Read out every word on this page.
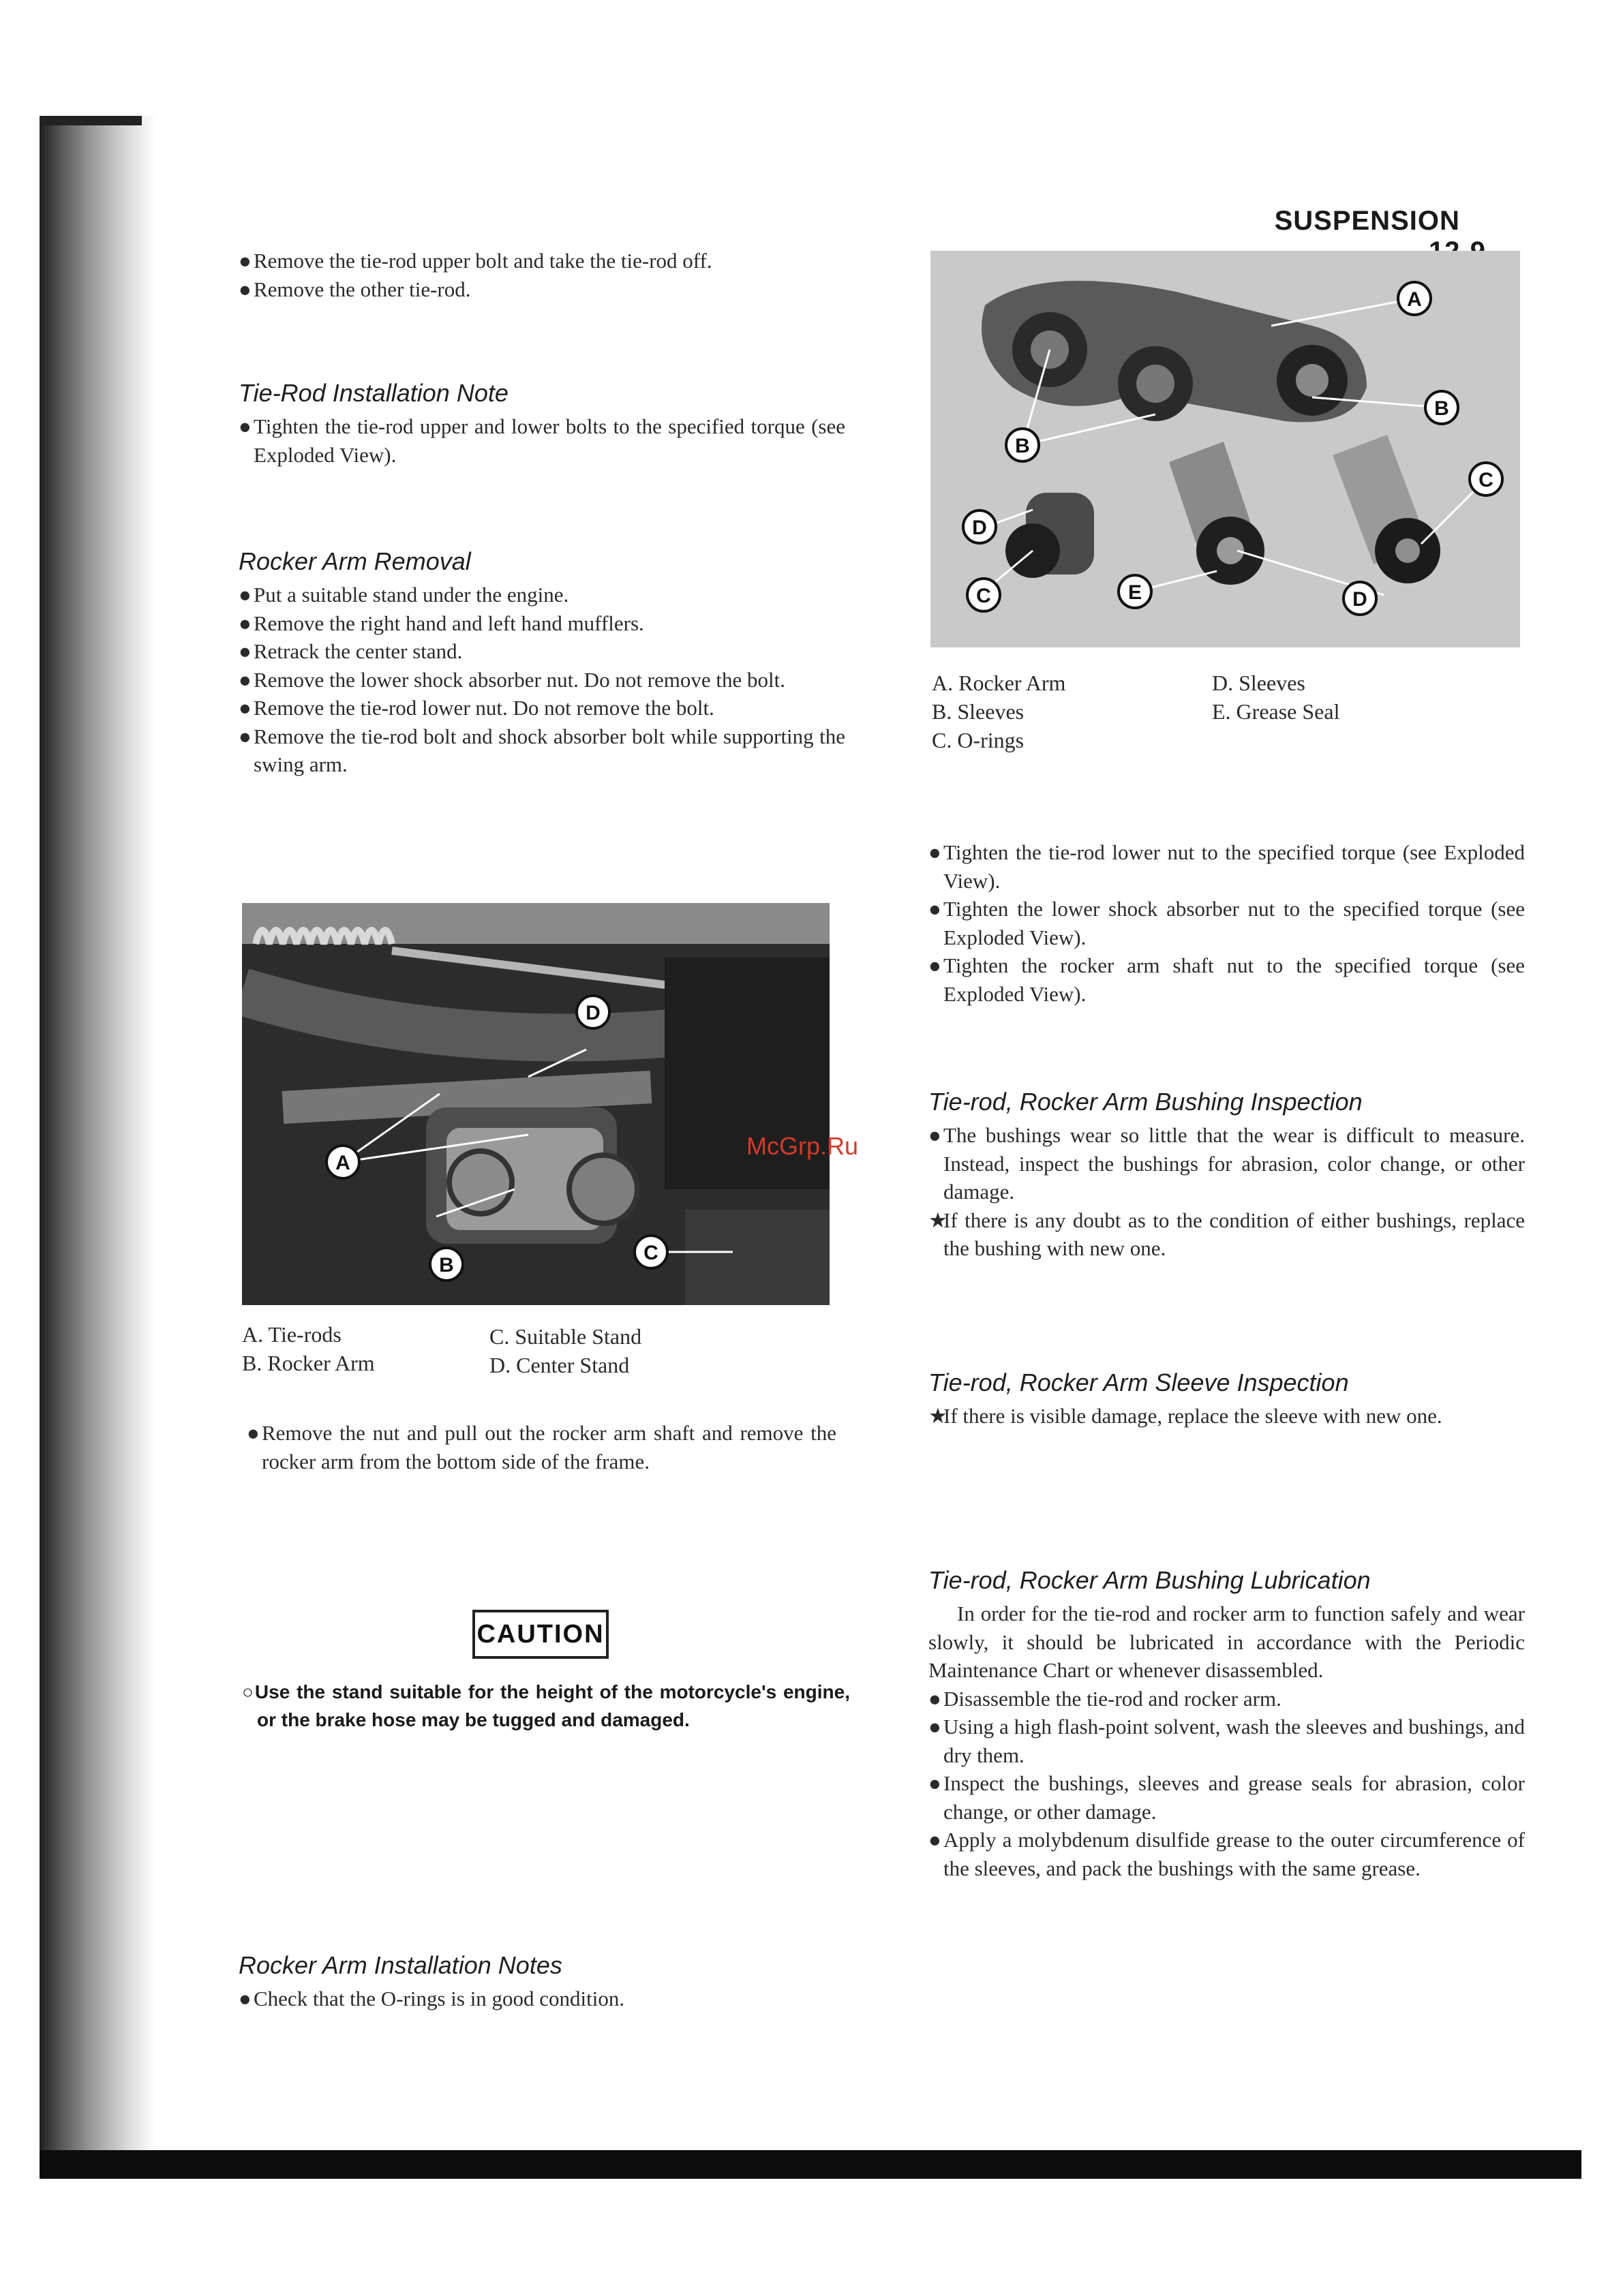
SUSPENSION
● Remove the tie-rod upper bolt and take the tie-rod off.
● Remove the other tie-rod.
Tie-Rod Installation Note
● Tighten the tie-rod upper and lower bolts to the specified torque (see Exploded View).
Rocker Arm Removal
● Put a suitable stand under the engine.
● Remove the right hand and left hand mufflers.
● Retrack the center stand.
● Remove the lower shock absorber nut. Do not remove the bolt.
● Remove the tie-rod lower nut. Do not remove the bolt.
● Remove the tie-rod bolt and shock absorber bolt while supporting the swing arm.
A
B
C
D
A. Tie-rods
B. Rocker Arm
C. Suitable Stand
D. Center Stand
● Remove the nut and pull out the rocker arm shaft and remove the rocker arm from the bottom side of the frame.
CAUTION
○Use the stand suitable for the height of the motorcycle's engine, or the brake hose may be tugged and damaged.
Rocker Arm Installation Notes
● Check that the O-rings is in good condition.
A
B
B
C
C
D
D
E
A. Rocker Arm
B. Sleeves
C. O-rings
D. Sleeves
E. Grease Seal
● Tighten the tie-rod lower nut to the specified torque (see Exploded View).
● Tighten the lower shock absorber nut to the specified torque (see Exploded View).
● Tighten the rocker arm shaft nut to the specified torque (see Exploded View).
McGrp.Ru
Tie-rod, Rocker Arm Bushing Inspection
● The bushings wear so little that the wear is difficult to measure. Instead, inspect the bushings for abrasion, color change, or other damage.
★If there is any doubt as to the condition of either bushings, replace the bushing with new one.
Tie-rod, Rocker Arm Sleeve Inspection
★If there is visible damage, replace the sleeve with new one.
Tie-rod, Rocker Arm Bushing Lubrication

In order for the tie-rod and rocker arm to function safely and wear slowly, it should be lubricated in accordance with the Periodic Maintenance Chart or whenever disassembled.

● Disassemble the tie-rod and rocker arm.
● Using a high flash-point solvent, wash the sleeves and bushings, and dry them.
● Inspect the bushings, sleeves and grease seals for abrasion, color change, or other damage.
● Apply a molybdenum disulfide grease to the outer circumference of the sleeves, and pack the bushings with the same grease.
